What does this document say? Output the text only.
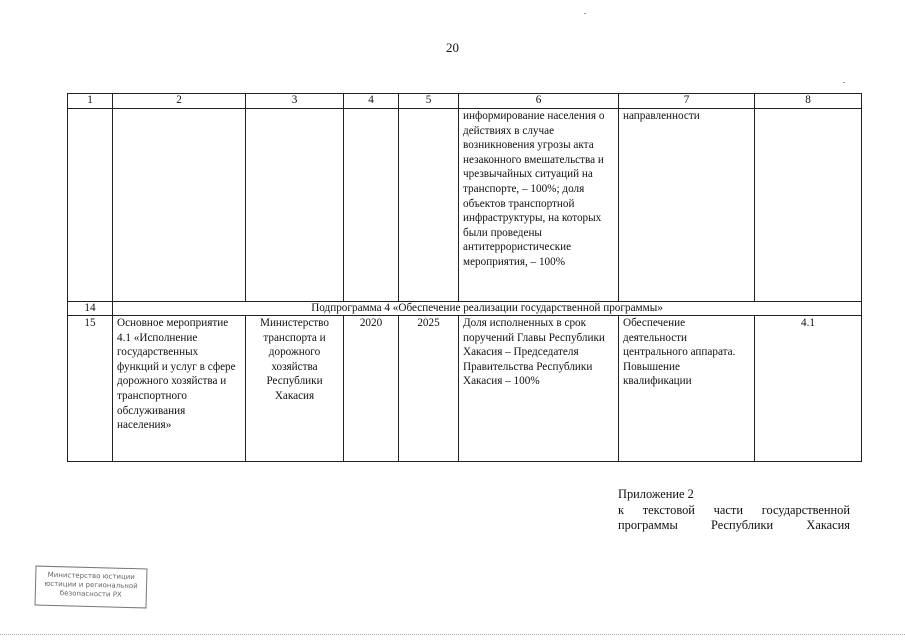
20
1	2	3	4	5	6	7	8
					информирование населения о действиях в случае возникновения угрозы акта незаконного вмешательства и чрезвычайных ситуаций на транспорте, – 100%; доля объектов транспортной инфраструктуры, на которых были проведены антитеррористические мероприятия, – 100%	направленности	
14	Подпрограмма 4 «Обеспечение реализации государственной программы»						
15	Основное мероприятие 4.1 «Исполнение государственных функций и услуг в сфере дорожного хозяйства и транспортного обслуживания населения»	Министерство транспорта и дорожного хозяйства Республики Хакасия	2020	2025	Доля исполненных в срок поручений Главы Республики Хакасия – Председателя Правительства Республики Хакасия – 100%	Обеспечение деятельности центрального аппарата. Повышение квалификации	4.1
Приложение 2
к текстовой части государственной
программы Республики Хакасия
Министерство юстиции
юстиции и региональной
безопасности РХ
